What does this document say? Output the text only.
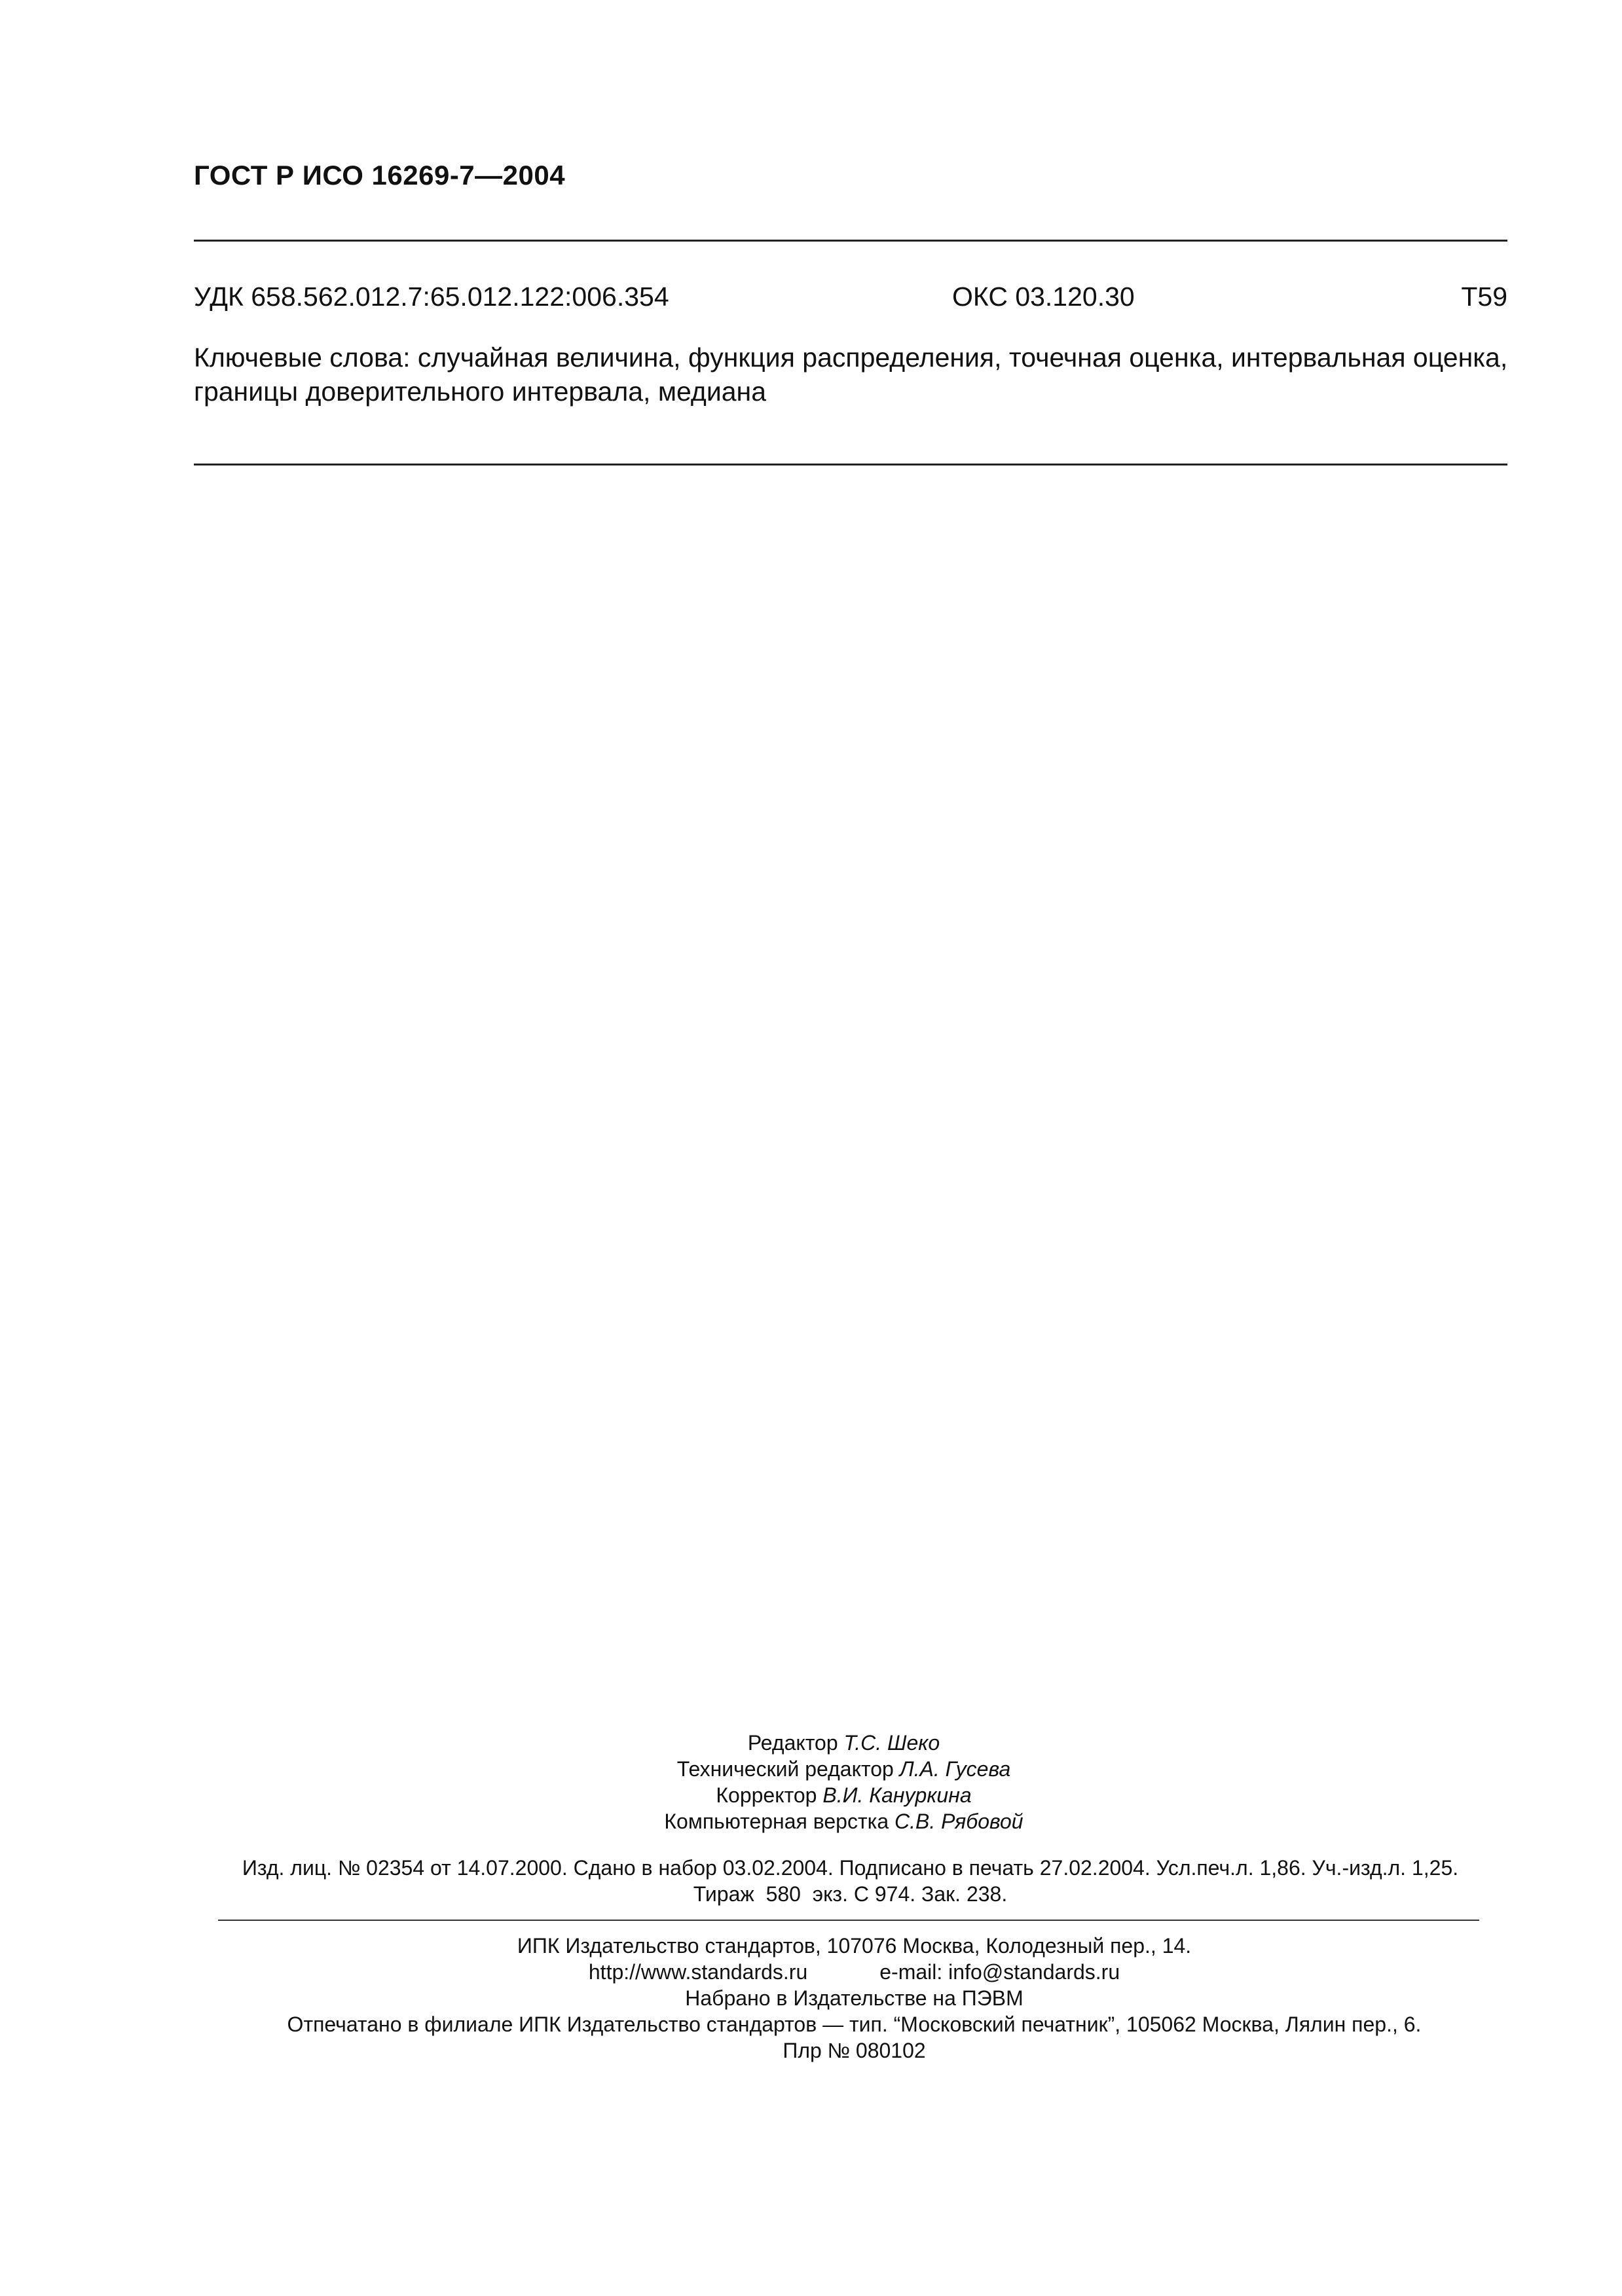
ГОСТ Р ИСО 16269-7—2004
УДК 658.562.012.7:65.012.122:006.354	ОКС 03.120.30	Т59
Ключевые слова: случайная величина, функция распределения, точечная оценка, интервальная оценка, границы доверительного интервала, медиана
Редактор Т.С. Шеко
Технический редактор Л.А. Гусева
Корректор В.И. Кануркина
Компьютерная верстка С.В. Рябовой
Изд. лиц. № 02354 от 14.07.2000. Сдано в набор 03.02.2004. Подписано в печать 27.02.2004. Усл.печ.л. 1,86. Уч.-изд.л. 1,25.
Тираж  580  экз. С 974. Зак. 238.
ИПК Издательство стандартов, 107076 Москва, Колодезный пер., 14.
http://www.standards.ru	e-mail: info@standards.ru
Набрано в Издательстве на ПЭВМ
Отпечатано в филиале ИПК Издательство стандартов — тип. “Московский печатник”, 105062 Москва, Лялин пер., 6.
Плр № 080102
